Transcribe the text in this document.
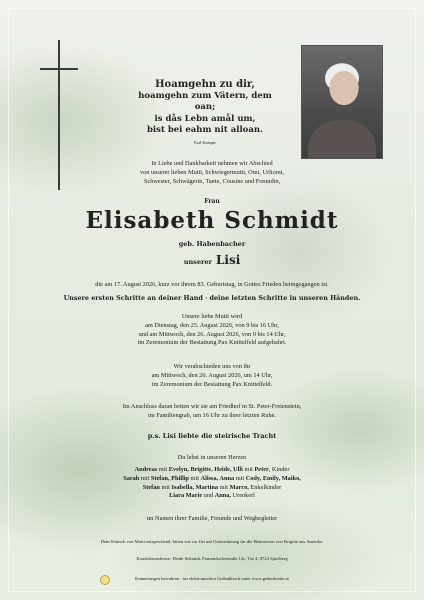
Hoamgehn zu dir,
hoamgehn zum Vätern, dem oan;
is dås Lebn amål um,
bist bei eahm nit alloan.
Karl Stomper
In Liebe und Dankbarkeit nehmen wir Abschied
von unserer lieben Mutti, Schwiegermutti, Omi, Urliomi,
Schwester, Schwägerin, Tante, Cousine und Freundin,
Frau
Elisabeth Schmidt
geb. Habenbacher
unserer Lisi
die am 17. August 2026, kurz vor ihrem 83. Geburtstag, in Gottes Frieden heimgegangen ist.
Unsere ersten Schritte an deiner Hand · deine letzten Schritte in unseren Händen.
Unsere liebe Mutti wird
am Dienstag, den 25. August 2026, von 9 bis 16 Uhr,
und am Mittwoch, den 26. August 2026, von 9 bis 14 Uhr,
im Zeremonium der Bestattung Pax Knittelfeld aufgebahrt.
Wir verabschieden uns von ihr
am Mittwoch, den 26. August 2026, um 14 Uhr,
im Zeremonium der Bestattung Pax Knittelfeld.
Im Anschluss daran betten wir sie am Friedhof in St. Peter-Freienstein,
im Familiengrab, um 16 Uhr zu ihrer letzten Ruhe.
p.s. Lisi liebte die steirische Tracht
Du lebst in unseren Herzen
Andreas mit Evelyn, Brigitte, Heide, Ulli mit Peter, Kinder
Sarah mit Stefan, Phillip mit Alissa, Anna mit Cody, Emily, Maiko,
Stefan mit Isabella, Martina mit Marco, Enkelkinder
Liara Marie und Anna, Urenkerl
im Namen ihrer Familie, Freunde und Wegbegleiter
Dem Wunsch von Mutti entsprechend, bitten wir vor Ort um Unterstützung für die Heimreisen von Brigitte aus Amerika.
Kondolenzadresse: Heide Schmidt, Pausendorferstraße 12c, Tür 4, 8724 Spielberg
Erinnerungen bewahren - im elektronischen Gedenkbuch unter www.gedenkseite.at
